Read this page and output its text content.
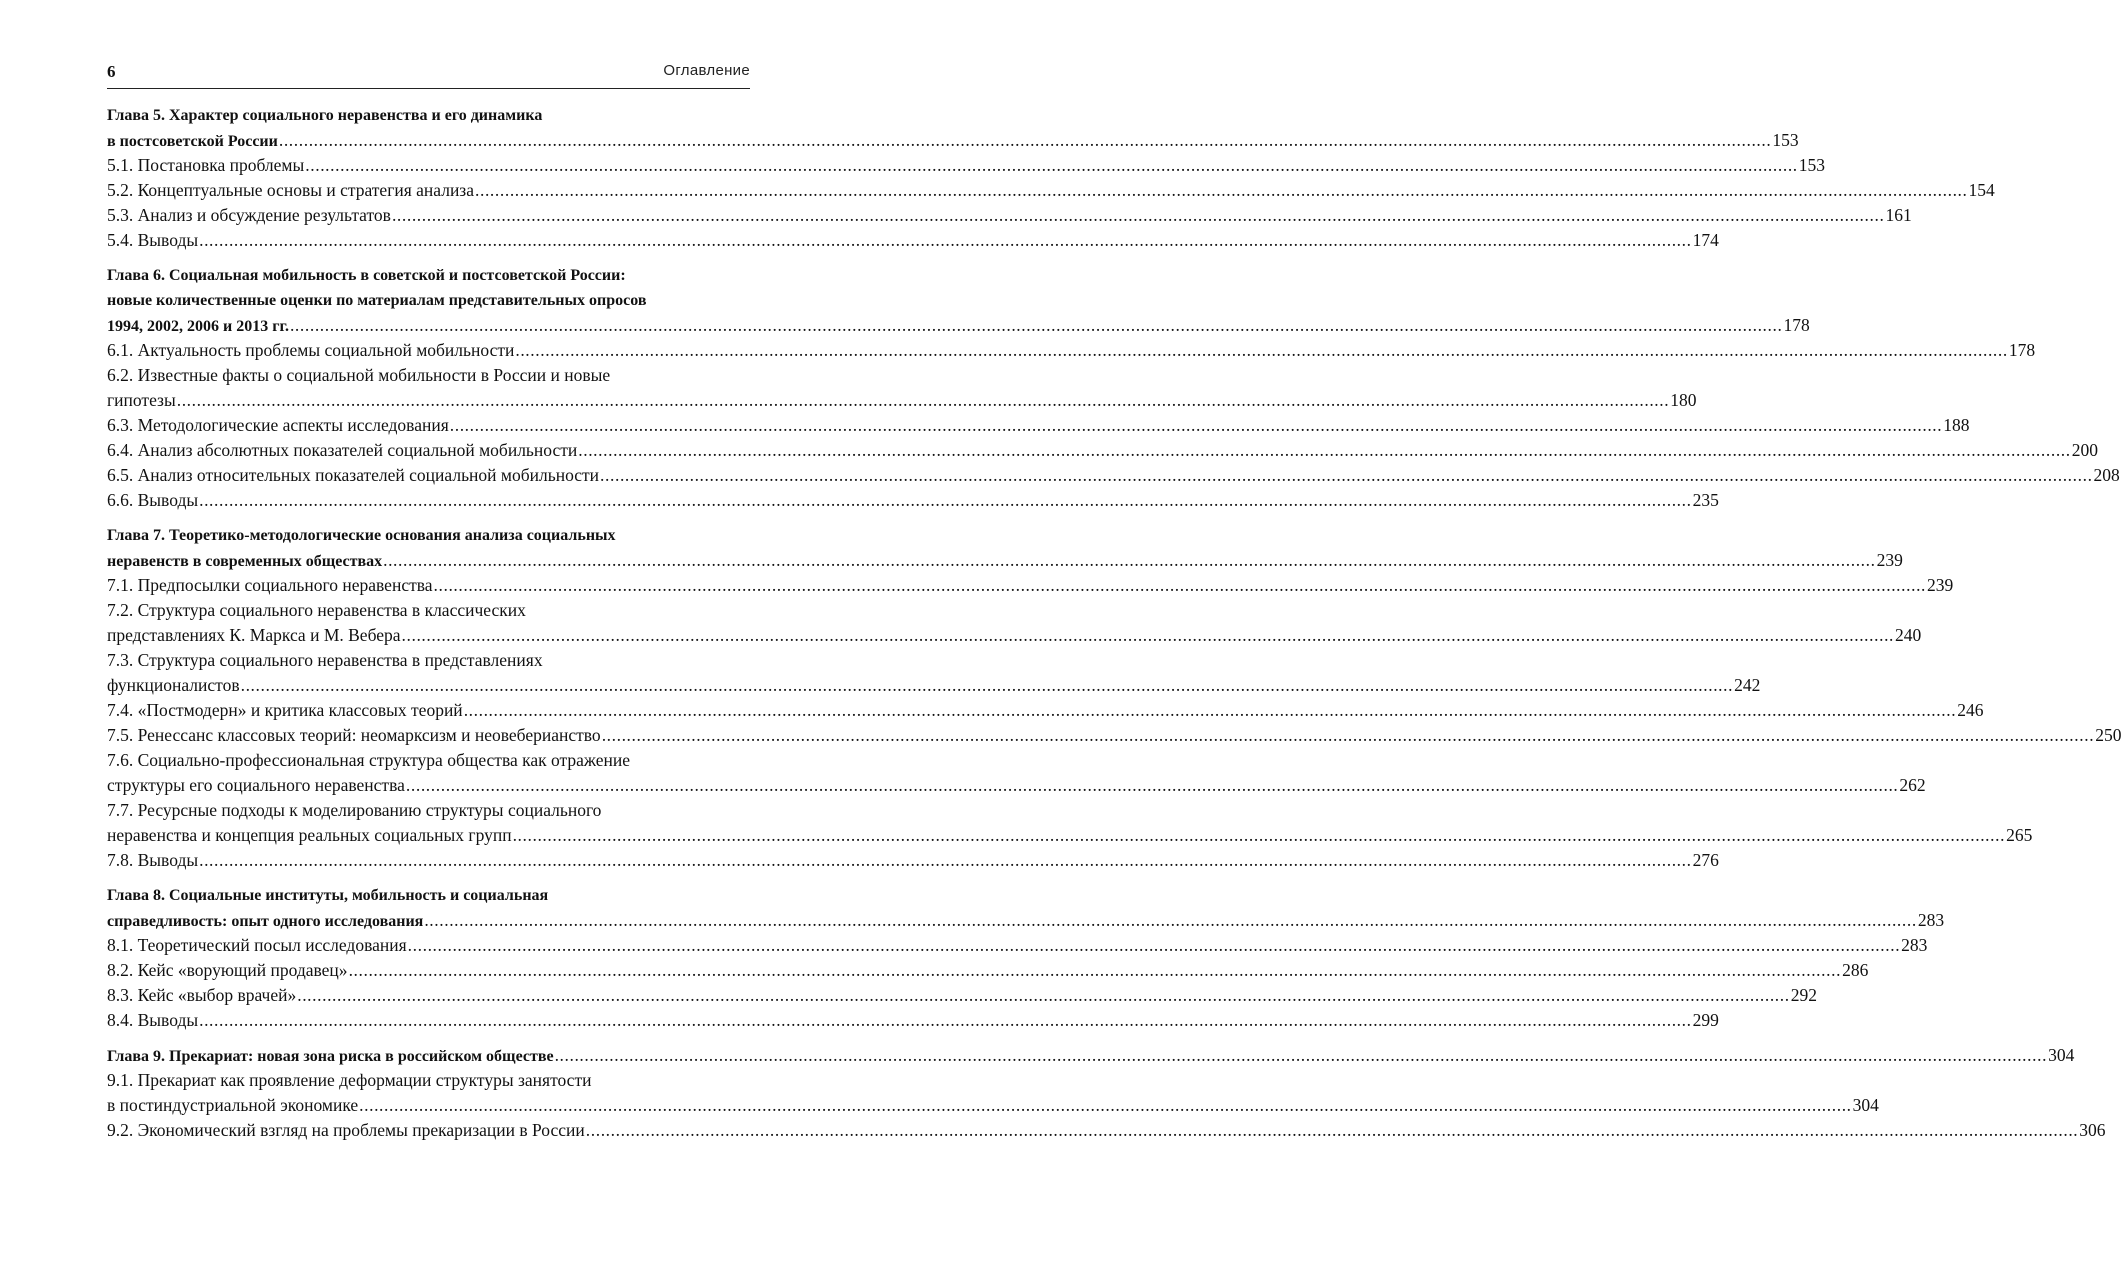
6	Оглавление
Глава 5. Характер социального неравенства и его динамика
в постсоветской России ............................................................................................................................................................................................................................................................................................................ 153
5.1. Постановка проблемы ............................................................................................................................................................................................................................................................................................................ 153
5.2. Концептуальные основы и стратегия анализа ............................................................................................................................................................................................................................................................................................................ 154
5.3. Анализ и обсуждение результатов ............................................................................................................................................................................................................................................................................................................ 161
5.4. Выводы ............................................................................................................................................................................................................................................................................................................ 174
Глава 6. Социальная мобильность в советской и постсоветской России:
новые количественные оценки по материалам представительных опросов
1994, 2002, 2006 и 2013 гг. ............................................................................................................................................................................................................................................................................................................ 178
6.1. Актуальность проблемы социальной мобильности ............................................................................................................................................................................................................................................................................................................ 178
6.2. Известные факты о социальной мобильности в России и новые
гипотезы ............................................................................................................................................................................................................................................................................................................ 180
6.3. Методологические аспекты исследования ............................................................................................................................................................................................................................................................................................................ 188
6.4. Анализ абсолютных показателей социальной мобильности ............................................................................................................................................................................................................................................................................................................ 200
6.5. Анализ относительных показателей социальной мобильности ............................................................................................................................................................................................................................................................................................................ 208
6.6. Выводы ............................................................................................................................................................................................................................................................................................................ 235
Глава 7. Теоретико-методологические основания анализа социальных
неравенств в современных обществах ............................................................................................................................................................................................................................................................................................................ 239
7.1. Предпосылки социального неравенства ............................................................................................................................................................................................................................................................................................................ 239
7.2. Структура социального неравенства в классических
представлениях К. Маркса и М. Вебера ............................................................................................................................................................................................................................................................................................................ 240
7.3. Структура социального неравенства в представлениях
функционалистов ............................................................................................................................................................................................................................................................................................................ 242
7.4. «Постмодерн» и критика классовых теорий ............................................................................................................................................................................................................................................................................................................ 246
7.5. Ренессанс классовых теорий: неомарксизм и неовеберианство ............................................................................................................................................................................................................................................................................................................ 250
7.6. Социально-профессиональная структура общества как отражение
структуры его социального неравенства ............................................................................................................................................................................................................................................................................................................ 262
7.7. Ресурсные подходы к моделированию структуры социального
неравенства и концепция реальных социальных групп ............................................................................................................................................................................................................................................................................................................ 265
7.8. Выводы ............................................................................................................................................................................................................................................................................................................ 276
Глава 8. Социальные институты, мобильность и социальная
справедливость: опыт одного исследования ............................................................................................................................................................................................................................................................................................................ 283
8.1. Теоретический посыл исследования ............................................................................................................................................................................................................................................................................................................ 283
8.2. Кейс «ворующий продавец» ............................................................................................................................................................................................................................................................................................................ 286
8.3. Кейс «выбор врачей» ............................................................................................................................................................................................................................................................................................................ 292
8.4. Выводы ............................................................................................................................................................................................................................................................................................................ 299
Глава 9. Прекариат: новая зона риска в российском обществе ............................................................................................................................................................................................................................................................................................................ 304
9.1. Прекариат как проявление деформации структуры занятости
в постиндустриальной экономике ............................................................................................................................................................................................................................................................................................................ 304
9.2. Экономический взгляд на проблемы прекаризации в России ............................................................................................................................................................................................................................................................................................................ 306
